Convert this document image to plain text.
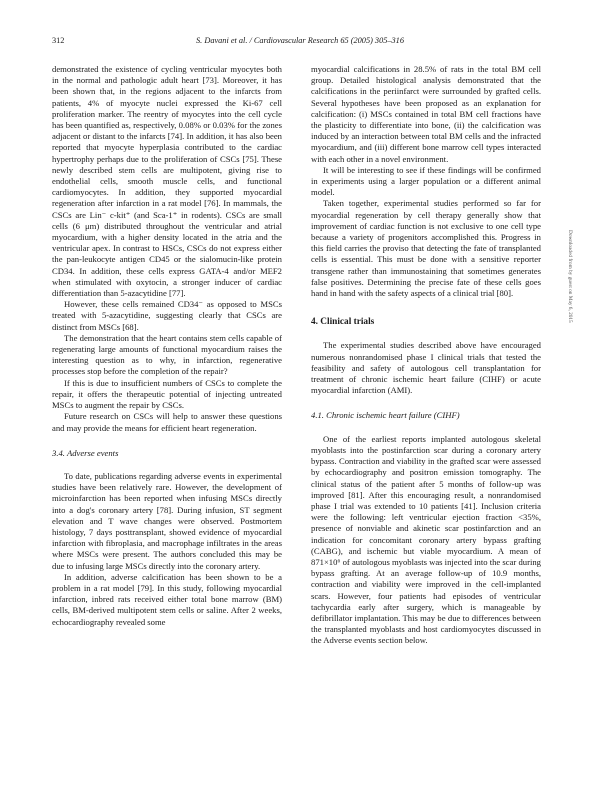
312	S. Davani et al. / Cardiovascular Research 65 (2005) 305–316

demonstrated the existence of cycling ventricular myocytes both in the normal and pathologic adult heart [73]. Moreover, it has been shown that, in the regions adjacent to the infarcts from patients, 4% of myocyte nuclei expressed the Ki-67 cell proliferation marker. The reentry of myocytes into the cell cycle has been quantified as, respectively, 0.08% or 0.03% for the zones adjacent or distant to the infarcts [74]. In addition, it has also been reported that myocyte hyperplasia contributed to the cardiac hypertrophy perhaps due to the proliferation of CSCs [75]. These newly described stem cells are multipotent, giving rise to endothelial cells, smooth muscle cells, and functional cardiomyocytes. In addition, they supported myocardial regeneration after infarction in a rat model [76]. In mammals, the CSCs are Lin⁻ c-kit⁺ (and Sca-1⁺ in rodents). CSCs are small cells (6 μm) distributed throughout the ventricular and atrial myocardium, with a higher density located in the atria and the ventricular apex. In contrast to HSCs, CSCs do not express either the pan-leukocyte antigen CD45 or the sialomucin-like protein CD34. In addition, these cells express GATA-4 and/or MEF2 when stimulated with oxytocin, a stronger inducer of cardiac differentiation than 5-azacytidine [77].

However, these cells remained CD34⁻ as opposed to MSCs treated with 5-azacytidine, suggesting clearly that CSCs are distinct from MSCs [68].

The demonstration that the heart contains stem cells capable of regenerating large amounts of functional myocardium raises the interesting question as to why, in infarction, regenerative processes stop before the completion of the repair?

If this is due to insufficient numbers of CSCs to complete the repair, it offers the therapeutic potential of injecting untreated MSCs to augment the repair by CSCs.

Future research on CSCs will help to answer these questions and may provide the means for efficient heart regeneration.

3.4. Adverse events

To date, publications regarding adverse events in experimental studies have been relatively rare. However, the development of microinfarction has been reported when infusing MSCs directly into a dog's coronary artery [78]. During infusion, ST segment elevation and T wave changes were observed. Postmortem histology, 7 days posttransplant, showed evidence of myocardial infarction with fibroplasia, and macrophage infiltrates in the areas where MSCs were present. The authors concluded this may be due to infusing large MSCs directly into the coronary artery.

In addition, adverse calcification has been shown to be a problem in a rat model [79]. In this study, following myocardial infarction, inbred rats received either total bone marrow (BM) cells, BM-derived multipotent stem cells or saline. After 2 weeks, echocardiography revealed some

myocardial calcifications in 28.5% of rats in the total BM cell group. Detailed histological analysis demonstrated that the calcifications in the periinfarct were surrounded by grafted cells. Several hypotheses have been proposed as an explanation for calcification: (i) MSCs contained in total BM cell fractions have the plasticity to differentiate into bone, (ii) the calcification was induced by an interaction between total BM cells and the infracted myocardium, and (iii) different bone marrow cell types interacted with each other in a novel environment.

It will be interesting to see if these findings will be confirmed in experiments using a larger population or a different animal model.

Taken together, experimental studies performed so far for myocardial regeneration by cell therapy generally show that improvement of cardiac function is not exclusive to one cell type because a variety of progenitors accomplished this. Progress in this field carries the proviso that detecting the fate of transplanted cells is essential. This must be done with a sensitive reporter transgene rather than immunostaining that sometimes generates false positives. Determining the precise fate of these cells goes hand in hand with the safety aspects of a clinical trial [80].

4. Clinical trials

The experimental studies described above have encouraged numerous nonrandomised phase I clinical trials that tested the feasibility and safety of autologous cell transplantation for treatment of chronic ischemic heart failure (CIHF) or acute myocardial infarction (AMI).

4.1. Chronic ischemic heart failure (CIHF)

One of the earliest reports implanted autologous skeletal myoblasts into the postinfarction scar during a coronary artery bypass. Contraction and viability in the grafted scar were assessed by echocardiography and positron emission tomography. The clinical status of the patient after 5 months of follow-up was improved [81]. After this encouraging result, a nonrandomised phase I trial was extended to 10 patients [41]. Inclusion criteria were the following: left ventricular ejection fraction <35%, presence of nonviable and akinetic scar postinfarction and an indication for concomitant coronary artery bypass grafting (CABG), and ischemic but viable myocardium. A mean of 871×10⁶ of autologous myoblasts was injected into the scar during bypass grafting. At an average follow-up of 10.9 months, contraction and viability were improved in the cell-implanted scars. However, four patients had episodes of ventricular tachycardia early after surgery, which is manageable by defibrillator implantation. This may be due to differences between the transplanted myoblasts and host cardiomyocytes discussed in the Adverse events section below.

Downloaded from by guest on May 6, 2015
